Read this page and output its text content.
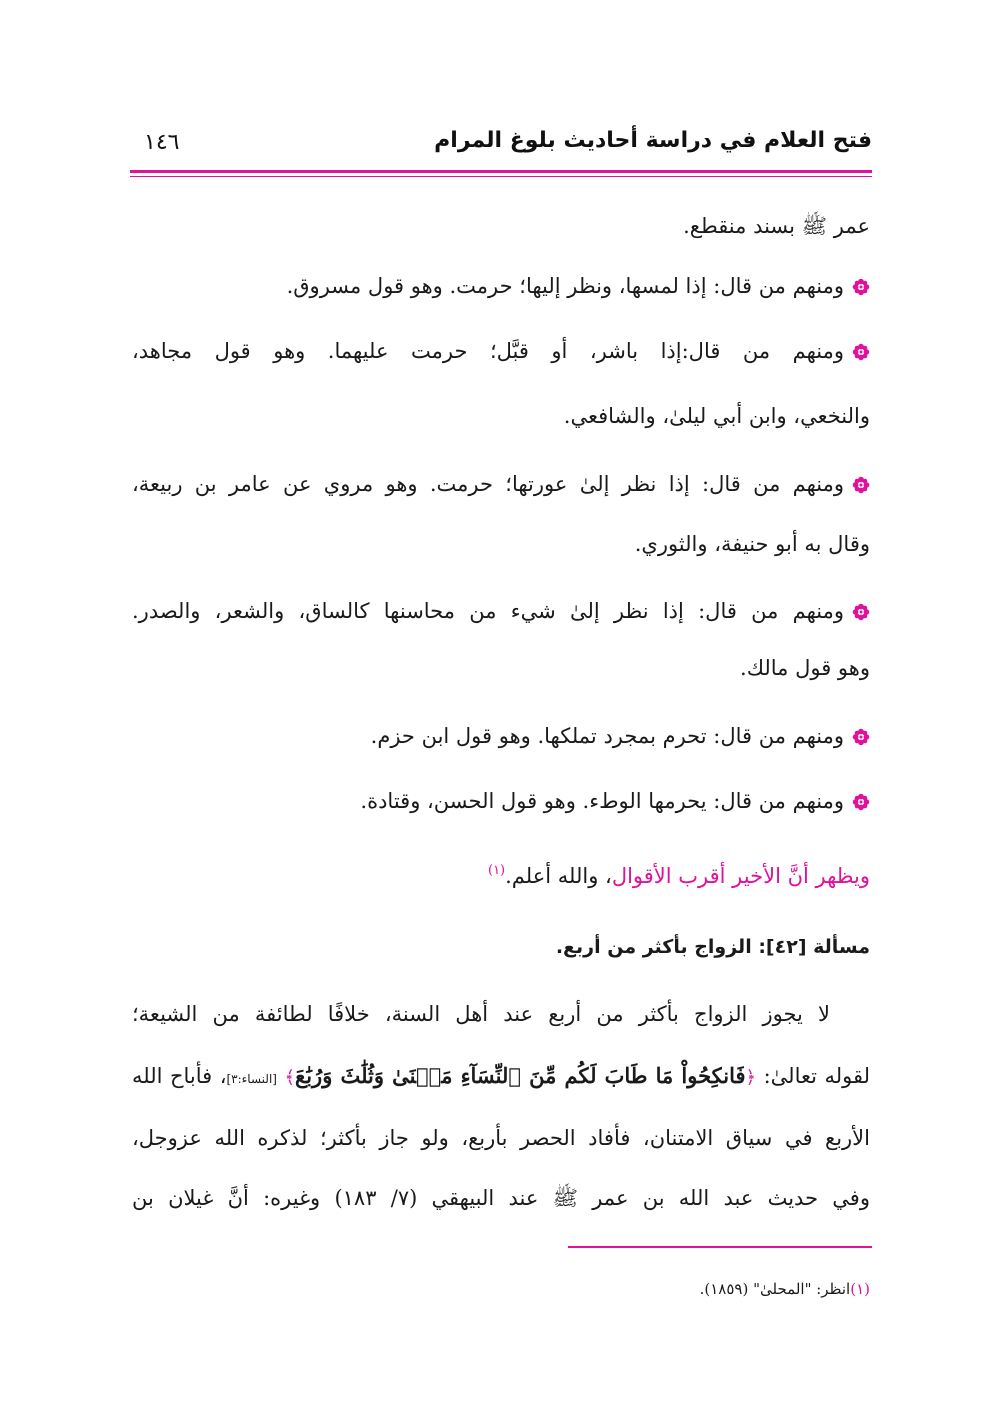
فتح العلام في دراسة أحاديث بلوغ المرام
١٤٦
عمر ﷺ بسند منقطع.
ومنهم من قال: إذا لمسها، ونظر إليها؛ حرمت. وهو قول مسروق.
ومنهم من قال:إذا باشر، أو قبَّل؛ حرمت عليهما. وهو قول مجاهد،
والنخعي، وابن أبي ليلىٰ، والشافعي.
ومنهم من قال: إذا نظر إلىٰ عورتها؛ حرمت. وهو مروي عن عامر بن ربيعة،
وقال به أبو حنيفة، والثوري.
ومنهم من قال: إذا نظر إلىٰ شيء من محاسنها كالساق، والشعر، والصدر.
وهو قول مالك.
ومنهم من قال: تحرم بمجرد تملكها. وهو قول ابن حزم.
ومنهم من قال: يحرمها الوطء. وهو قول الحسن، وقتادة.
ويظهر أنَّ الأخير أقرب الأقوال، والله أعلم.$^{(١)}$
مسألة [٤٢]: الزواج بأكثر من أربع.
لا يجوز الزواج بأكثر من أربع عند أهل السنة، خلافًا لطائفة من الشيعة؛
لقوله تعالىٰ: ﴿فَانكِحُواْ مَا طَابَ لَكُم مِّنَ ٱلنِّسَآءِ مَثۡنَىٰ وَثُلَٰثَ وَرُبَٰعَ﴾ [النساء:٣]، فأباح الله
الأربع في سياق الامتنان، فأفاد الحصر بأربع، ولو جاز بأكثر؛ لذكره الله عزوجل،
وفي حديث عبد الله بن عمر ﷺ عند البيهقي (٧/ ١٨٣) وغيره: أنَّ غيلان بن
(١)انظر: "المحلىٰ" (١٨٥٩).
